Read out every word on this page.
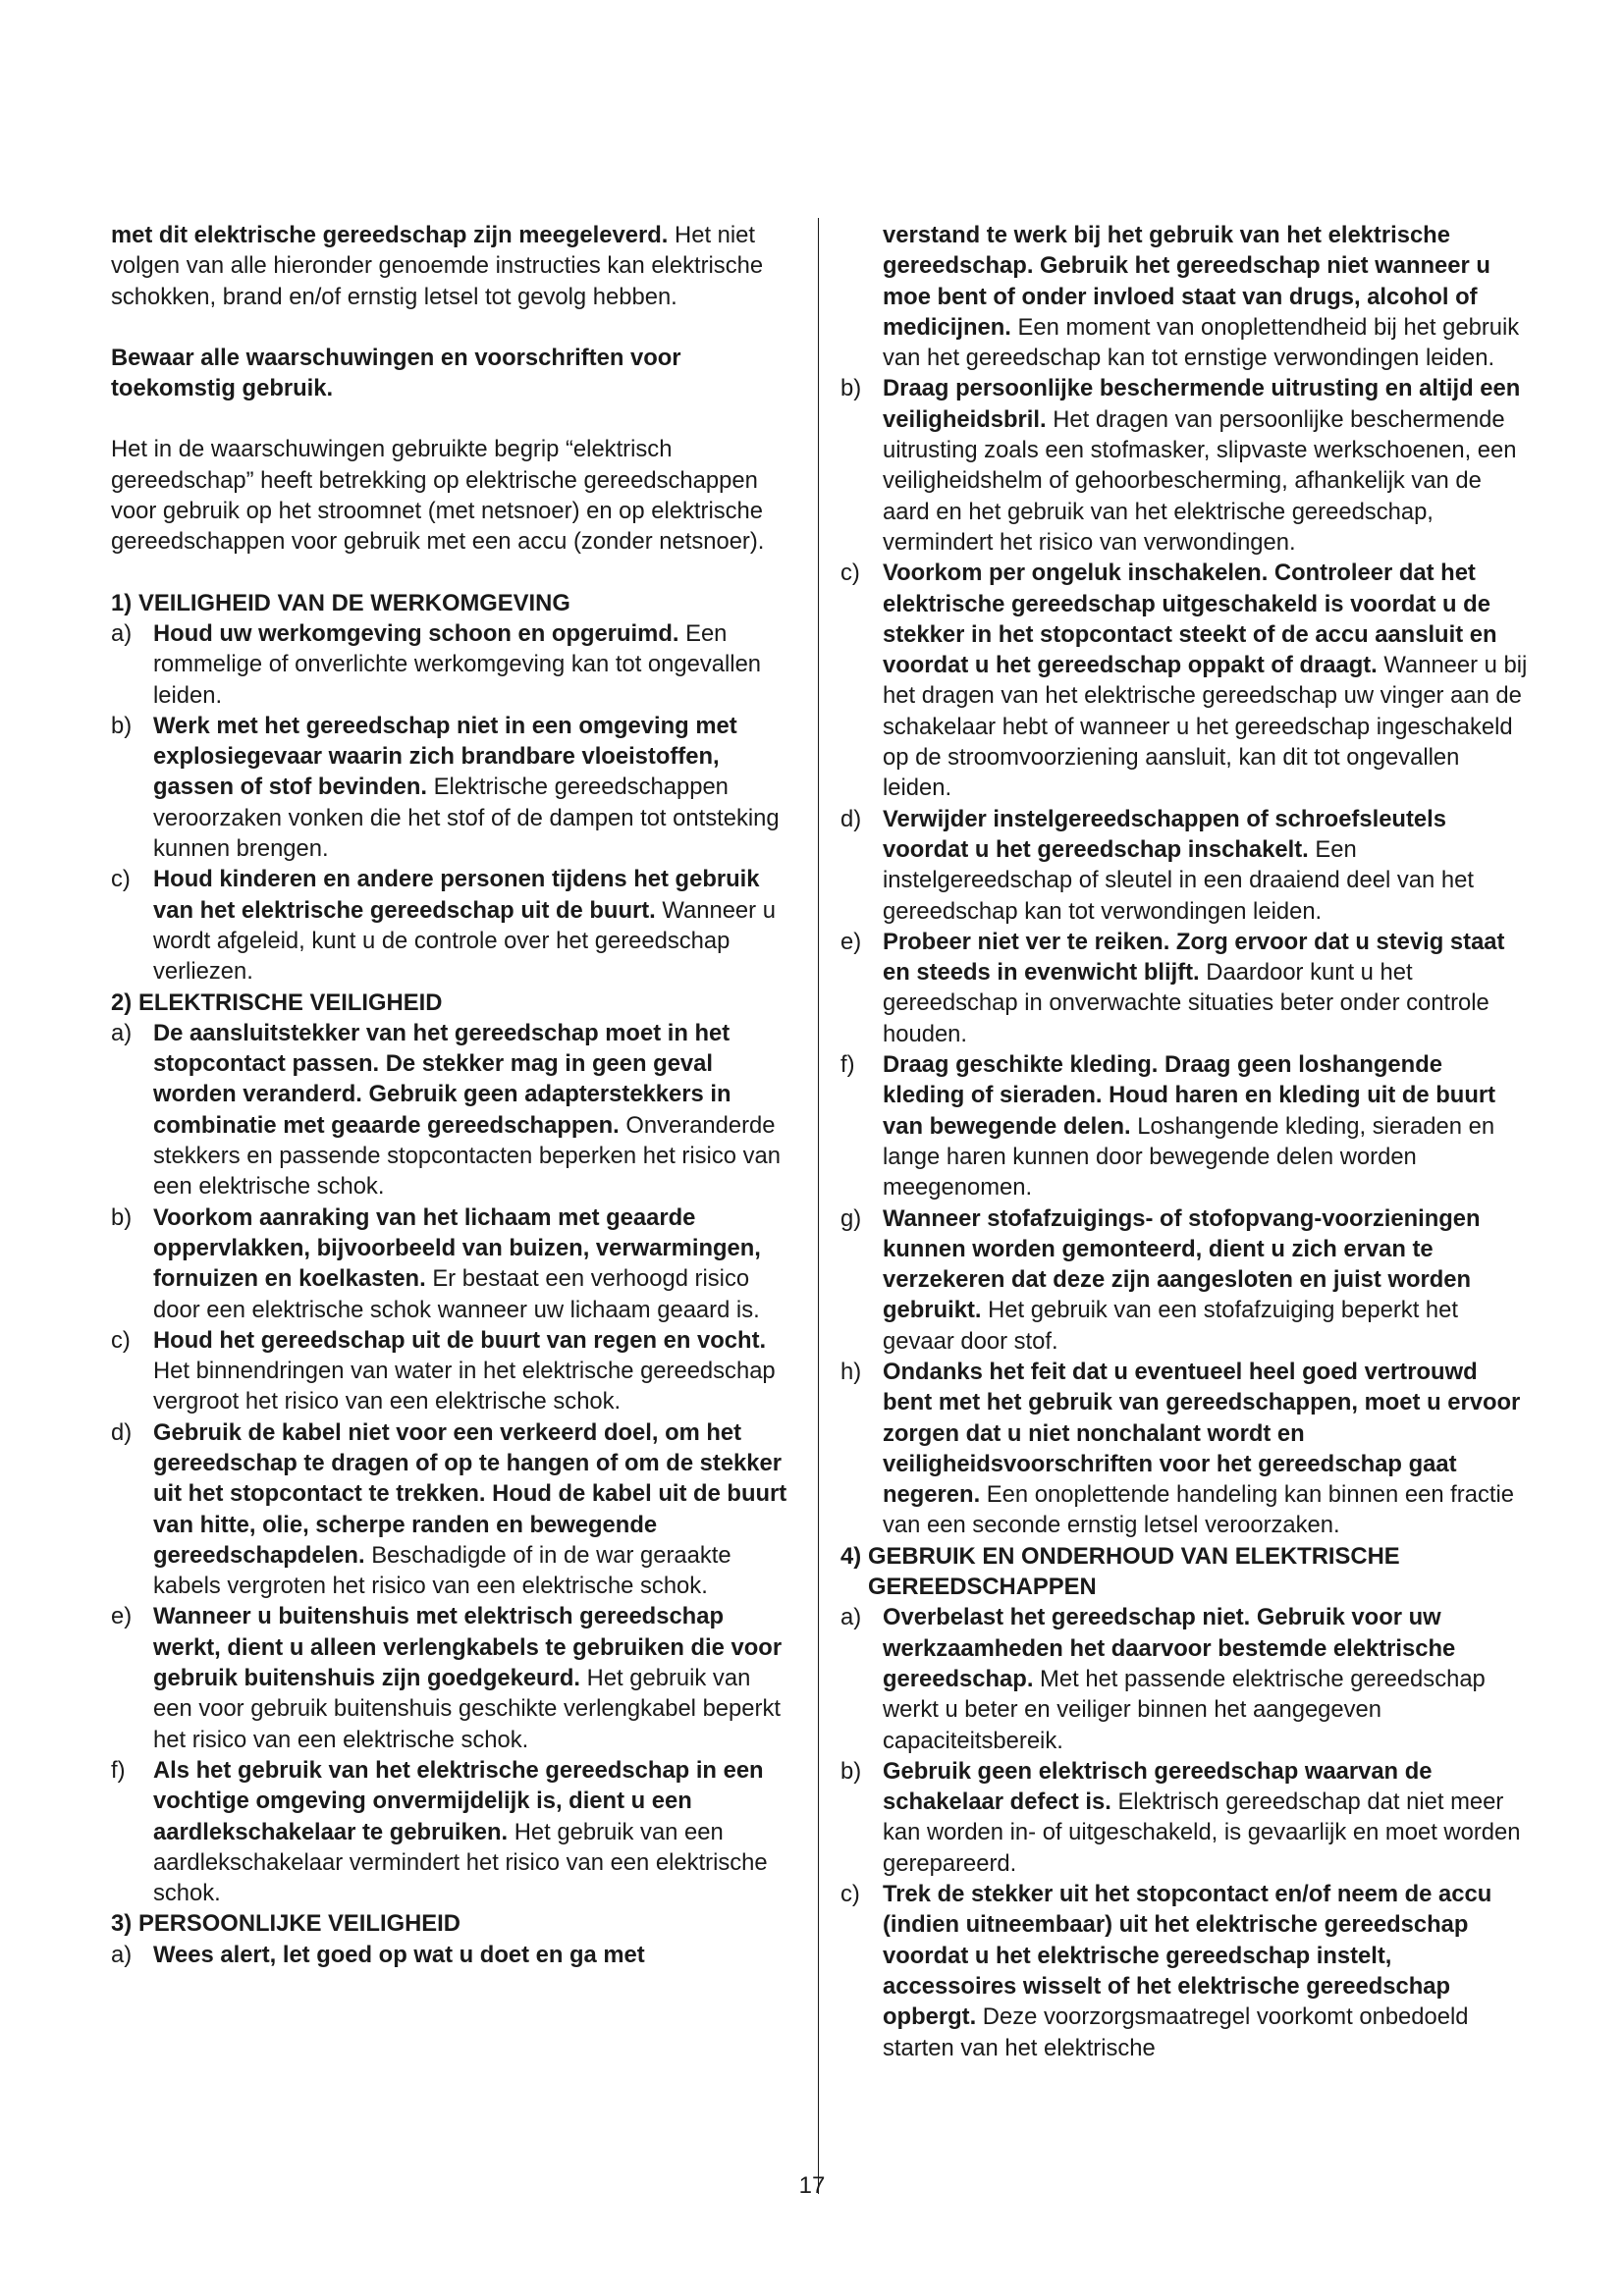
met dit elektrische gereedschap zijn meegeleverd. Het niet volgen van alle hieronder genoemde instructies kan elektrische schokken, brand en/of ernstig letsel tot gevolg hebben.

Bewaar alle waarschuwingen en voorschriften voor toekomstig gebruik.

Het in de waarschuwingen gebruikte begrip “elektrisch gereedschap” heeft betrekking op elektrische gereedschappen voor gebruik op het stroomnet (met netsnoer) en op elektrische gereedschappen voor gebruik met een accu (zonder netsnoer).

1) VEILIGHEID VAN DE WERKOMGEVING
a) Houd uw werkomgeving schoon en opgeruimd. Een rommelige of onverlichte werkomgeving kan tot ongevallen leiden.
b) Werk met het gereedschap niet in een omgeving met explosiegevaar waarin zich brandbare vloeistoffen, gassen of stof bevinden. Elektrische gereedschappen veroorzaken vonken die het stof of de dampen tot ontsteking kunnen brengen.
c) Houd kinderen en andere personen tijdens het gebruik van het elektrische gereedschap uit de buurt. Wanneer u wordt afgeleid, kunt u de controle over het gereedschap verliezen.
2) ELEKTRISCHE VEILIGHEID
a) De aansluitstekker van het gereedschap moet in het stopcontact passen. De stekker mag in geen geval worden veranderd. Gebruik geen adapterstekkers in combinatie met geaarde gereedschappen. Onveranderde stekkers en passende stopcontacten beperken het risico van een elektrische schok.
b) Voorkom aanraking van het lichaam met geaarde oppervlakken, bijvoorbeeld van buizen, verwarmingen, fornuizen en koelkasten. Er bestaat een verhoogd risico door een elektrische schok wanneer uw lichaam geaard is.
c) Houd het gereedschap uit de buurt van regen en vocht. Het binnendringen van water in het elektrische gereedschap vergroot het risico van een elektrische schok.
d) Gebruik de kabel niet voor een verkeerd doel, om het gereedschap te dragen of op te hangen of om de stekker uit het stopcontact te trekken. Houd de kabel uit de buurt van hitte, olie, scherpe randen en bewegende gereedschapdelen. Beschadigde of in de war geraakte kabels vergroten het risico van een elektrische schok.
e) Wanneer u buitenshuis met elektrisch gereedschap werkt, dient u alleen verlengkabels te gebruiken die voor gebruik buitenshuis zijn goedgekeurd. Het gebruik van een voor gebruik buitenshuis geschikte verlengkabel beperkt het risico van een elektrische schok.
f)	Als het gebruik van het elektrische gereedschap in een vochtige omgeving onvermijdelijk is, dient u een aardlekschakelaar te gebruiken. Het gebruik van een aardlekschakelaar vermindert het risico van een elektrische schok.
3) PERSOONLIJKE VEILIGHEID
a) Wees alert, let goed op wat u doet en ga met
verstand te werk bij het gebruik van het elektrische gereedschap. Gebruik het gereedschap niet wanneer u moe bent of onder invloed staat van drugs, alcohol of medicijnen. Een moment van onoplettendheid bij het gebruik van het gereedschap kan tot ernstige verwondingen leiden.
b) Draag persoonlijke beschermende uitrusting en altijd een veiligheidsbril. Het dragen van persoonlijke beschermende uitrusting zoals een stofmasker, slipvaste werkschoenen, een veiligheidshelm of gehoorbescherming, afhankelijk van de aard en het gebruik van het elektrische gereedschap, vermindert het risico van verwondingen.
c) Voorkom per ongeluk inschakelen. Controleer dat het elektrische gereedschap uitgeschakeld is voordat u de stekker in het stopcontact steekt of de accu aansluit en voordat u het gereedschap oppakt of draagt. Wanneer u bij het dragen van het elektrische gereedschap uw vinger aan de schakelaar hebt of wanneer u het gereedschap ingeschakeld op de stroomvoorziening aansluit, kan dit tot ongevallen leiden.
d) Verwijder instelgereedschappen of schroefsleutels voordat u het gereedschap inschakelt. Een instelgereedschap of sleutel in een draaiend deel van het gereedschap kan tot verwondingen leiden.
e) Probeer niet ver te reiken. Zorg ervoor dat u stevig staat en steeds in evenwicht blijft. Daardoor kunt u het gereedschap in onverwachte situaties beter onder controle houden.
f)	Draag geschikte kleding. Draag geen loshangende kleding of sieraden. Houd haren en kleding uit de buurt van bewegende delen. Loshangende kleding, sieraden en lange haren kunnen door bewegende delen worden meegenomen.
g) Wanneer stofafzuigings- of stofopvang-voorzieningen kunnen worden gemonteerd, dient u zich ervan te verzekeren dat deze zijn aangesloten en juist worden gebruikt. Het gebruik van een stofafzuiging beperkt het gevaar door stof.
h) Ondanks het feit dat u eventueel heel goed vertrouwd bent met het gebruik van gereedschappen, moet u ervoor zorgen dat u niet nonchalant wordt en veiligheidsvoorschriften voor het gereedschap gaat negeren. Een onoplettende handeling kan binnen een fractie van een seconde ernstig letsel veroorzaken.
4) GEBRUIK EN ONDERHOUD VAN ELEKTRISCHE GEREEDSCHAPPEN
a) Overbelast het gereedschap niet. Gebruik voor uw werkzaamheden het daarvoor bestemde elektrische gereedschap. Met het passende elektrische gereedschap werkt u beter en veiliger binnen het aangegeven capaciteitsbereik.
b) Gebruik geen elektrisch gereedschap waarvan de schakelaar defect is. Elektrisch gereedschap dat niet meer kan worden in- of uitgeschakeld, is gevaarlijk en moet worden gerepareerd.
c) Trek de stekker uit het stopcontact en/of neem de accu (indien uitneembaar) uit het elektrische gereedschap voordat u het elektrische gereedschap instelt, accessoires wisselt of het elektrische gereedschap opbergt. Deze voorzorgsmaatregel voorkomt onbedoeld starten van het elektrische
17
